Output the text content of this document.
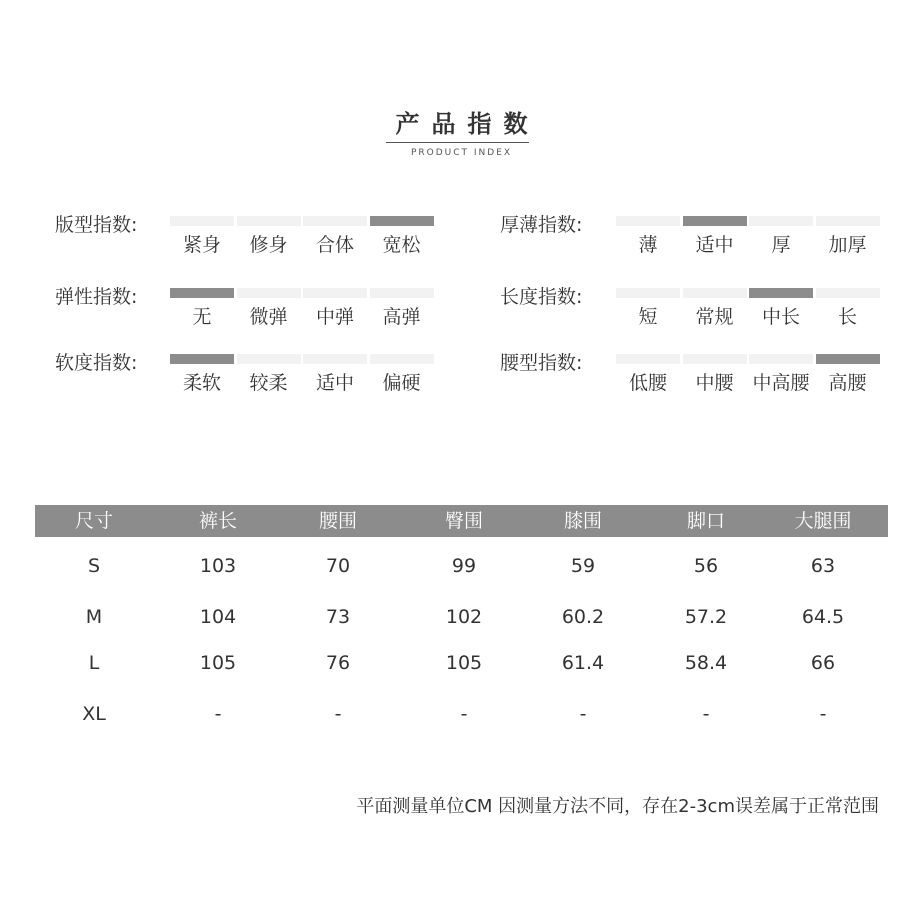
产品指数
PRODUCT INDEX
版型指数:
紧身	修身	合体	宽松
厚薄指数:
薄	适中	厚	加厚
弹性指数:
无	微弹	中弹	高弹
长度指数:
短	常规	中长	长
软度指数:
柔软	较柔	适中	偏硬
腰型指数:
低腰	中腰 中高腰 高腰
尺寸	裤长	腰围	臀围	膝围	脚口	大腿围
S	103	70	99	59	56	63
M	104	73	102	60.2	57.2	64.5
L	105	76	105	61.4	58.4	66
XL	-	-	-	-	-	-
平面测量单位CM 因测量方法不同，存在2-3cm误差属于正常范围
